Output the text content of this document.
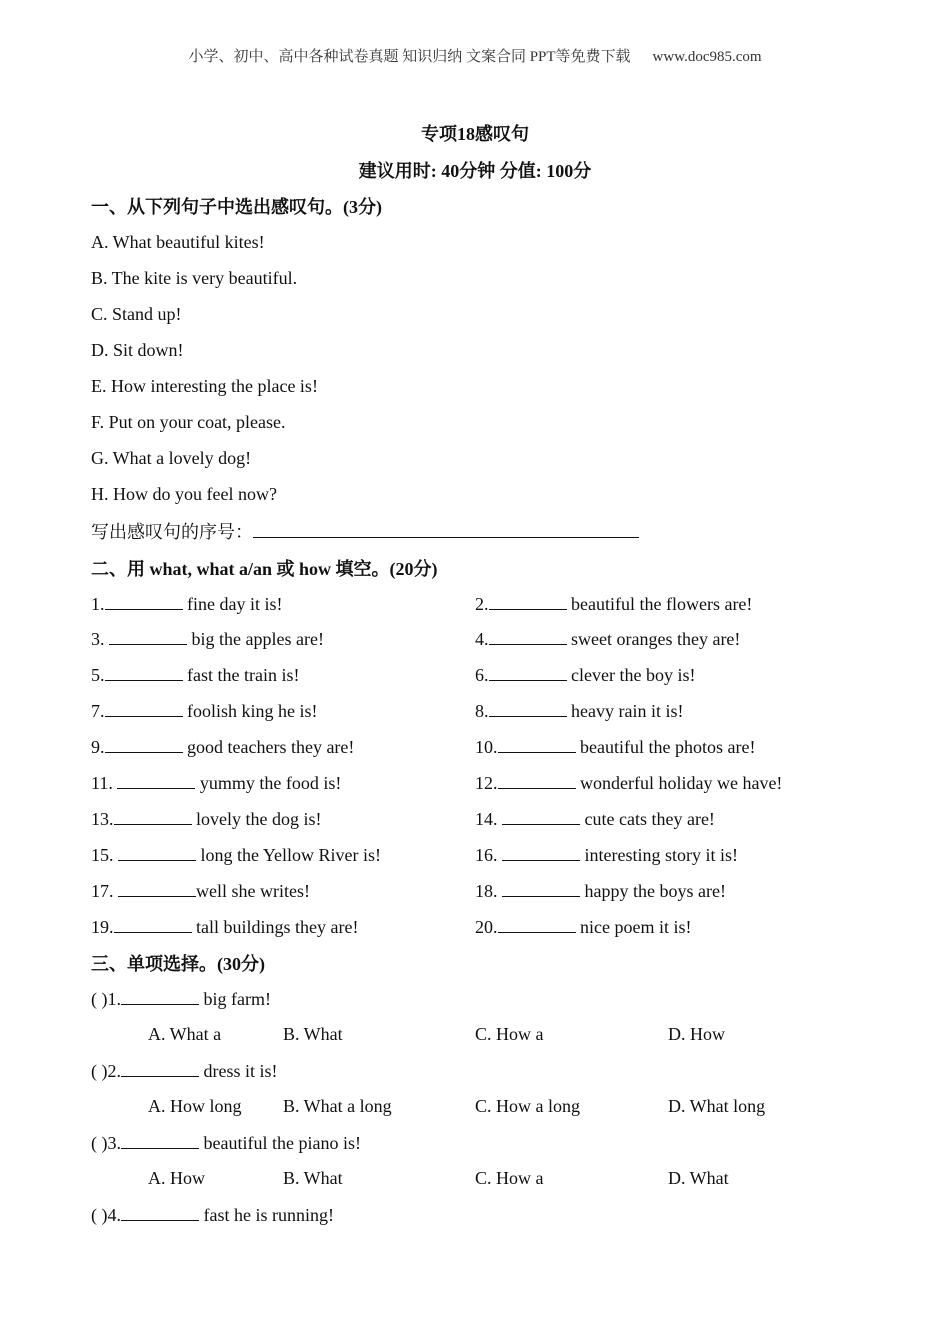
小学、初中、高中各种试卷真题 知识归纳 文案合同 PPT等免费下载 www.doc985.com
专项18感叹句
建议用时: 40分钟 分值: 100分
一、从下列句子中选出感叹句。(3分)
A. What beautiful kites!
B. The kite is very beautiful.
C. Stand up!
D. Sit down!
E. How interesting the place is!
F. Put on your coat, please.
G. What a lovely dog!
H. How do you feel now?
写出感叹句的序号：
二、用 what, what a/an 或 how 填空。(20分)
1.	fine day it is!	2.	beautiful the flowers are!
3.	big the apples are!	4.	sweet oranges they are!
5.	fast the train is!	6.	clever the boy is!
7.	foolish king he is!	8.	heavy rain it is!
9.	good teachers they are!	10.	beautiful the photos are!
11.	yummy the food is!	12.	wonderful holiday we have!
13.	lovely the dog is!	14.	cute cats they are!
15.	long the Yellow River is!	16.	interesting story it is!
17.	well she writes!	18.	happy the boys are!
19.	tall buildings they are!	20.	nice poem it is!
三、单项选择。(30分)
( )1.	big farm!
A. What a	B. What	C. How a	D. How
( )2.	dress it is!
A. How long B. What a long	C. How a long	D. What long
( )3.	beautiful the piano is!
A. How	B. What	C. How a	D. What
( )4.	fast he is running!
